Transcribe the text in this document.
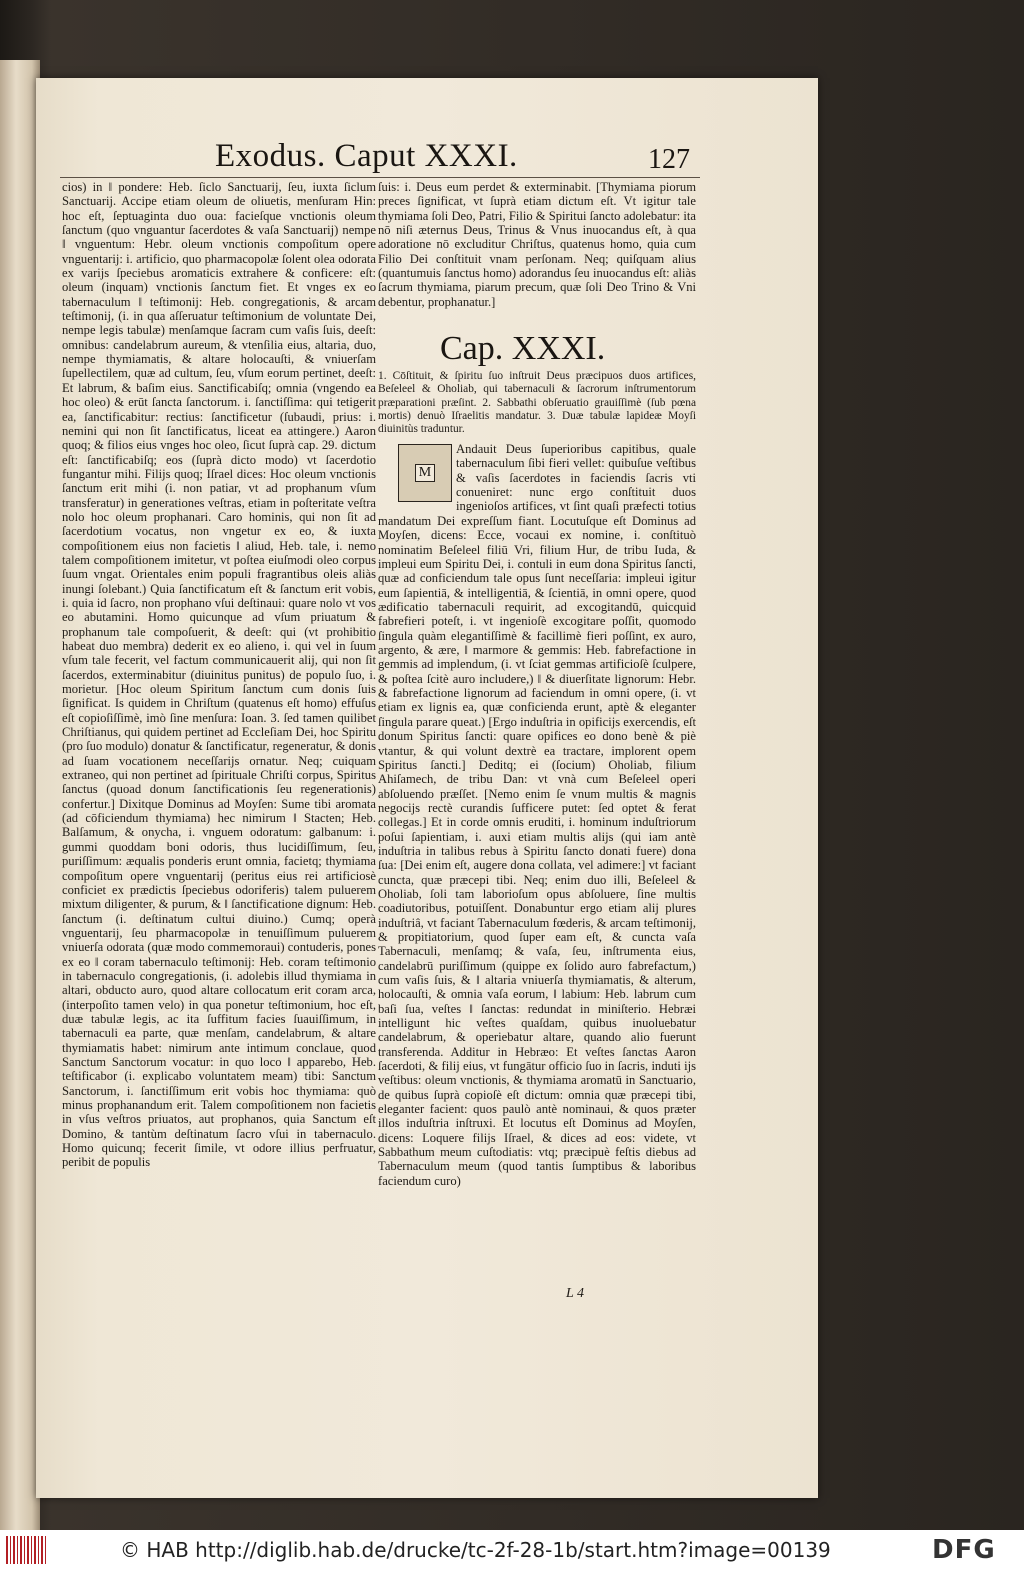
Exodus. Caput XXXI.	127
cios) in ‖ pondere: Heb. ſiclo Sanctuarij, ſeu, iuxta ſiclum Sanctuarij. Accipe etiam oleum de oliuetis, menſuram Hin: hoc eſt, ſeptuaginta duo oua: facieſque vnctionis oleum ſanctum (quo vnguantur ſacerdotes & vaſa Sanctuarij) nempe ‖ vnguentum: Hebr. oleum vnctionis compoſitum opere vnguentarij: i. artificio, quo pharmacopolæ ſolent olea odorata ex varijs ſpeciebus aromaticis extrahere & conficere: eſt: oleum (inquam) vnctionis ſanctum fiet. Et vnges ex eo tabernaculum ‖ teſtimonij: Heb. congregationis, & arcam teſtimonij, (i. in qua aſſeruatur teſtimonium de voluntate Dei, nempe legis tabulæ) menſamque ſacram cum vaſis ſuis, deeſt: omnibus: candelabrum aureum, & vtenſilia eius, altaria, duo, nempe thymiamatis, & altare holocauſti, & vniuerſam ſupellectilem, quæ ad cultum, ſeu, vſum eorum pertinet, deeſt: Et labrum, & baſim eius. Sanctificabiſq; omnia (vngendo ea hoc oleo) & erūt ſancta ſanctorum. i. ſanctiſſima: qui tetigerit ea, ſanctificabitur: rectius: ſanctificetur (ſubaudi, prius: i. nemini qui non ſit ſanctificatus, liceat ea attingere.) Aaron quoq; & filios eius vnges hoc oleo, ſicut ſuprà cap. 29. dictum eſt: ſanctificabiſq; eos (ſuprà dicto modo) vt ſacerdotio fungantur mihi. Filijs quoq; Iſrael dices: Hoc oleum vnctionis ſanctum erit mihi (i. non patiar, vt ad prophanum vſum transferatur) in generationes veſtras, etiam in poſteritate veſtra nolo hoc oleum prophanari. Caro hominis, qui non ſit ad ſacerdotium vocatus, non vngetur ex eo, & iuxta compoſitionem eius non facietis ‖ aliud, Heb. tale, i. nemo talem compoſitionem imitetur, vt poſtea eiuſmodi oleo corpus ſuum vngat. Orientales enim populi fragrantibus oleis aliàs inungi ſolebant.) Quia ſanctificatum eſt & ſanctum erit vobis, i. quia id ſacro, non prophano vſui deſtinaui: quare nolo vt vos eo abutamini. Homo quicunque ad vſum priuatum & prophanum tale compoſuerit, & deeſt: qui (vt prohibitio habeat duo membra) dederit ex eo alieno, i. qui vel in ſuum vſum tale fecerit, vel factum communicauerit alij, qui non ſit ſacerdos, exterminabitur (diuinitus punitus) de populo ſuo, i. morietur. [Hoc oleum Spiritum ſanctum cum donis ſuis ſignificat. Is quidem in Chriſtum (quatenus eſt homo) effuſus eſt copioſiſſimè, imò ſine menſura: Ioan. 3. ſed tamen quilibet Chriſtianus, qui quidem pertinet ad Eccleſiam Dei, hoc Spiritu (pro ſuo modulo) donatur & ſanctificatur, regeneratur, & donis ad ſuam vocationem neceſſarijs ornatur. Neq; cuiquam extraneo, qui non pertinet ad ſpirituale Chriſti corpus, Spiritus ſanctus (quoad donum ſanctificationis ſeu regenerationis) confertur.] Dixitque Dominus ad Moyſen: Sume tibi aromata (ad cōficiendum thymiama) hec nimirum ‖ Stacten; Heb. Balſamum, & onycha, i. vnguem odoratum: galbanum: i. gummi quoddam boni odoris, thus lucidiſſimum, ſeu, puriſſimum: æqualis ponderis erunt omnia, facietq; thymiama compoſitum opere vnguentarij (peritus eius rei artificiosè conficiet ex prædictis ſpeciebus odoriferis) talem puluerem mixtum diligenter, & purum, & ‖ ſanctificatione dignum: Heb. ſanctum (i. deſtinatum cultui diuino.) Cumq; operà vnguentarij, ſeu pharmacopolæ in tenuiſſimum puluerem vniuerſa odorata (quæ modo commemoraui) contuderis, pones ex eo ‖ coram tabernaculo teſtimonij: Heb. coram teſtimonio in tabernaculo congregationis, (i. adolebis illud thymiama in altari, obducto auro, quod altare collocatum erit coram arca, (interpoſito tamen velo) in qua ponetur teſtimonium, hoc eſt, duæ tabulæ legis, ac ita ſuffitum facies ſuauiſſimum, in tabernaculi ea parte, quæ menſam, candelabrum, & altare thymiamatis habet: nimirum ante intimum conclaue, quod Sanctum Sanctorum vocatur: in quo loco ‖ apparebo, Heb. teſtificabor (i. explicabo voluntatem meam) tibi: Sanctum Sanctorum, i. ſanctiſſimum erit vobis hoc thymiama: quò minus prophanandum erit. Talem compoſitionem non facietis in vſus veſtros priuatos, aut prophanos, quia Sanctum eſt Domino, & tantùm deſtinatum ſacro vſui in tabernaculo. Homo quicunq; fecerit ſimile, vt odore illius perfruatur, peribit de populis
ſuis: i. Deus eum perdet & exterminabit. [Thymiama piorum preces ſignificat, vt ſuprà etiam dictum eſt. Vt igitur tale thymiama ſoli Deo, Patri, Filio & Spiritui ſancto adolebatur: ita nō niſi æternus Deus, Trinus & Vnus inuocandus eſt, à qua adoratione nō excluditur Chriſtus, quatenus homo, quia cum Filio Dei conſtituit vnam perſonam. Neq; quiſquam alius (quantumuis ſanctus homo) adorandus ſeu inuocandus eſt: aliàs ſacrum thymiama, piarum precum, quæ ſoli Deo Trino & Vni debentur, prophanatur.]
Cap. XXXI.
1. Cōſtituit, & ſpiritu ſuo inſtruit Deus præcipuos duos artifices, Beſeleel & Oholiab, qui tabernaculi & ſacrorum inſtrumentorum præparationi præſint. 2. Sabbathi obſeruatio grauiſſimè (ſub pœna mortis) denuò Iſraelitis mandatur. 3. Duæ tabulæ lapideæ Moyſi diuinitùs traduntur.
M
Andauit Deus ſuperioribus capitibus, quale tabernaculum ſibi fieri vellet: quibuſue veſtibus & vaſis ſacerdotes in faciendis ſacris vti conueniret: nunc ergo conſtituit duos ingenioſos artifices, vt ſint quaſi præfecti totius
mandatum Dei expreſſum fiant. Locutuſque eſt Dominus ad Moyſen, dicens: Ecce, vocaui ex nomine, i. conſtituò nominatim Beſeleel filiū Vri, filium Hur, de tribu Iuda, & impleui eum Spiritu Dei, i. contuli in eum dona Spiritus ſancti, quæ ad conficiendum tale opus ſunt neceſſaria: impleui igitur eum ſapientiā, & intelligentiā, & ſcientiā, in omni opere, quod ædificatio tabernaculi requirit, ad excogitandū, quicquid fabrefieri poteſt, i. vt ingenioſè excogitare poſſit, quomodo ſingula quàm elegantiſſimè & facillimè fieri poſſint, ex auro, argento, & ære, ‖ marmore & gemmis: Heb. fabrefactione in gemmis ad implendum, (i. vt ſciat gemmas artificioſè ſculpere, & poſtea ſcitè auro includere,) ‖ & diuerſitate lignorum: Hebr. & fabrefactione lignorum ad faciendum in omni opere, (i. vt etiam ex lignis ea, quæ conficienda erunt, aptè & eleganter ſingula parare queat.) [Ergo induſtria in opificijs exercendis, eſt donum Spiritus ſancti: quare opifices eo dono benè & piè vtantur, & qui volunt dextrè ea tractare, implorent opem Spiritus ſancti.] Deditq; ei (ſocium) Oholiab, filium Ahiſamech, de tribu Dan: vt vnà cum Beſeleel operi abſoluendo præſſet. [Nemo enim ſe vnum multis & magnis negocijs rectè curandis ſufficere putet: ſed optet & ferat collegas.] Et in corde omnis eruditi, i. hominum induſtriorum poſui ſapientiam, i. auxi etiam multis alijs (qui iam antè induſtria in talibus rebus à Spiritu ſancto donati fuere) dona ſua: [Dei enim eſt, augere dona collata, vel adimere:] vt faciant cuncta, quæ præcepi tibi. Neq; enim duo illi, Beſeleel & Oholiab, ſoli tam laborioſum opus abſoluere, ſine multis coadiutoribus, potuiſſent. Donabuntur ergo etiam alij plures induſtriâ, vt faciant Tabernaculum fœderis, & arcam teſtimonij, & propitiatorium, quod ſuper eam eſt, & cuncta vaſa Tabernaculi, menſamq; & vaſa, ſeu, inſtrumenta eius, candelabrū puriſſimum (quippe ex ſolido auro fabrefactum,) cum vaſis ſuis, & ‖ altaria vniuerſa thymiamatis, & alterum, holocauſti, & omnia vaſa eorum, ‖ labium: Heb. labrum cum baſi ſua, veſtes ‖ ſanctas: redundat in miniſterio. Hebræi intelligunt hic veſtes quaſdam, quibus inuoluebatur candelabrum, & operiebatur altare, quando alio fuerunt transferenda. Additur in Hebræo: Et veſtes ſanctas Aaron ſacerdoti, & filij eius, vt fungātur officio ſuo in ſacris, induti ijs veſtibus: oleum vnctionis, & thymiama aromatū in Sanctuario, de quibus ſuprà copioſè eſt dictum: omnia quæ præcepi tibi, eleganter facient: quos paulò antè nominaui, & quos præter illos induſtria inſtruxi. Et locutus eſt Dominus ad Moyſen, dicens: Loquere filijs Iſrael, & dices ad eos: videte, vt Sabbathum meum cuſtodiatis: vtq; præcipuè feſtis diebus ad Tabernaculum meum (quod tantis ſumptibus & laboribus faciendum curo)
L 4
© HAB http://diglib.hab.de/drucke/tc-2f-28-1b/start.htm?image=00139	DFG
